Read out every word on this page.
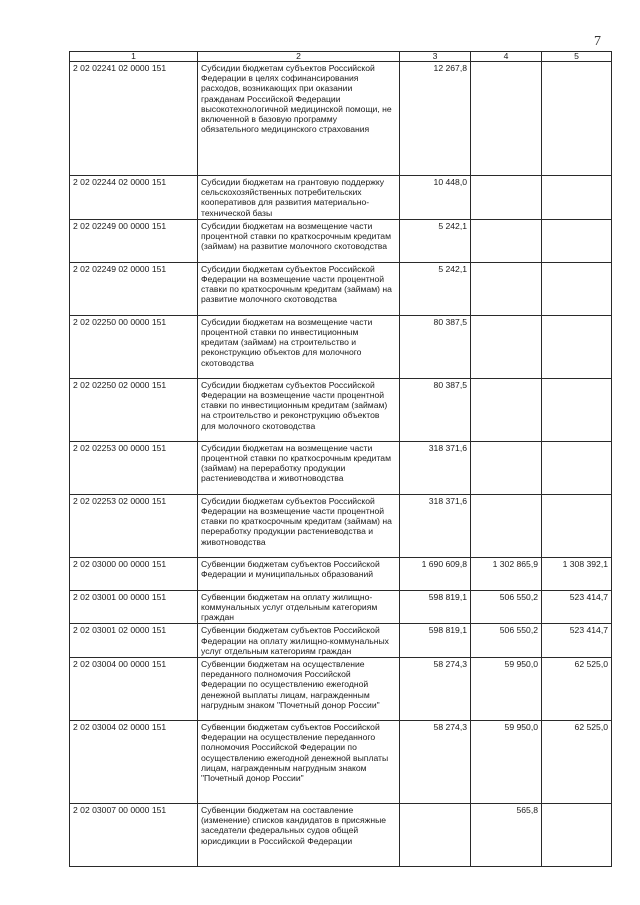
7
1	2	3	4	5
2 02 02241 02 0000 151	Субсидии бюджетам субъектов Российской Федерации в целях софинансирования расходов, возникающих при оказании гражданам Российской Федерации высокотехнологичной медицинской помощи, не включенной в базовую программу обязательного медицинского страхования	12 267,8		
2 02 02244 02 0000 151	Субсидии бюджетам на грантовую поддержку сельскохозяйственных потребительских кооперативов для развития материально-технической базы	10 448,0		
2 02 02249 00 0000 151	Субсидии бюджетам на возмещение части процентной ставки по краткосрочным кредитам (займам) на развитие молочного скотоводства	5 242,1		
2 02 02249 02 0000 151	Субсидии бюджетам субъектов Российской Федерации на возмещение части процентной ставки по краткосрочным кредитам (займам) на развитие молочного скотоводства	5 242,1		
2 02 02250 00 0000 151	Субсидии бюджетам на возмещение части процентной ставки по инвестиционным кредитам (займам) на строительство и реконструкцию объектов для молочного скотоводства	80 387,5		
2 02 02250 02 0000 151	Субсидии бюджетам субъектов Российской Федерации на возмещение части процентной ставки по инвестиционным кредитам (займам) на строительство и реконструкцию объектов для молочного скотоводства	80 387,5		
2 02 02253 00 0000 151	Субсидии бюджетам на возмещение части процентной ставки по краткосрочным кредитам (займам) на переработку продукции растениеводства и животноводства	318 371,6		
2 02 02253 02 0000 151	Субсидии бюджетам субъектов Российской Федерации на возмещение части процентной ставки по краткосрочным кредитам (займам) на переработку продукции растениеводства и животноводства	318 371,6		
2 02 03000 00 0000 151	Субвенции бюджетам субъектов Российской Федерации и муниципальных образований	1 690 609,8	1 302 865,9	1 308 392,1
2 02 03001 00 0000 151	Субвенции бюджетам на оплату жилищно-коммунальных услуг отдельным категориям граждан	598 819,1	506 550,2	523 414,7
2 02 03001 02 0000 151	Субвенции бюджетам субъектов Российской Федерации на оплату жилищно-коммунальных услуг отдельным категориям граждан	598 819,1	506 550,2	523 414,7
2 02 03004 00 0000 151	Субвенции бюджетам на осуществление переданного полномочия Российской Федерации по осуществлению ежегодной денежной выплаты лицам, награжденным нагрудным знаком "Почетный донор России"	58 274,3	59 950,0	62 525,0
2 02 03004 02 0000 151	Субвенции бюджетам субъектов Российской Федерации на осуществление переданного полномочия Российской Федерации по осуществлению ежегодной денежной выплаты лицам, награжденным нагрудным знаком "Почетный донор России"	58 274,3	59 950,0	62 525,0
2 02 03007 00 0000 151	Субвенции бюджетам на составление (изменение) списков кандидатов в присяжные заседатели федеральных судов общей юрисдикции в Российской Федерации		565,8	
